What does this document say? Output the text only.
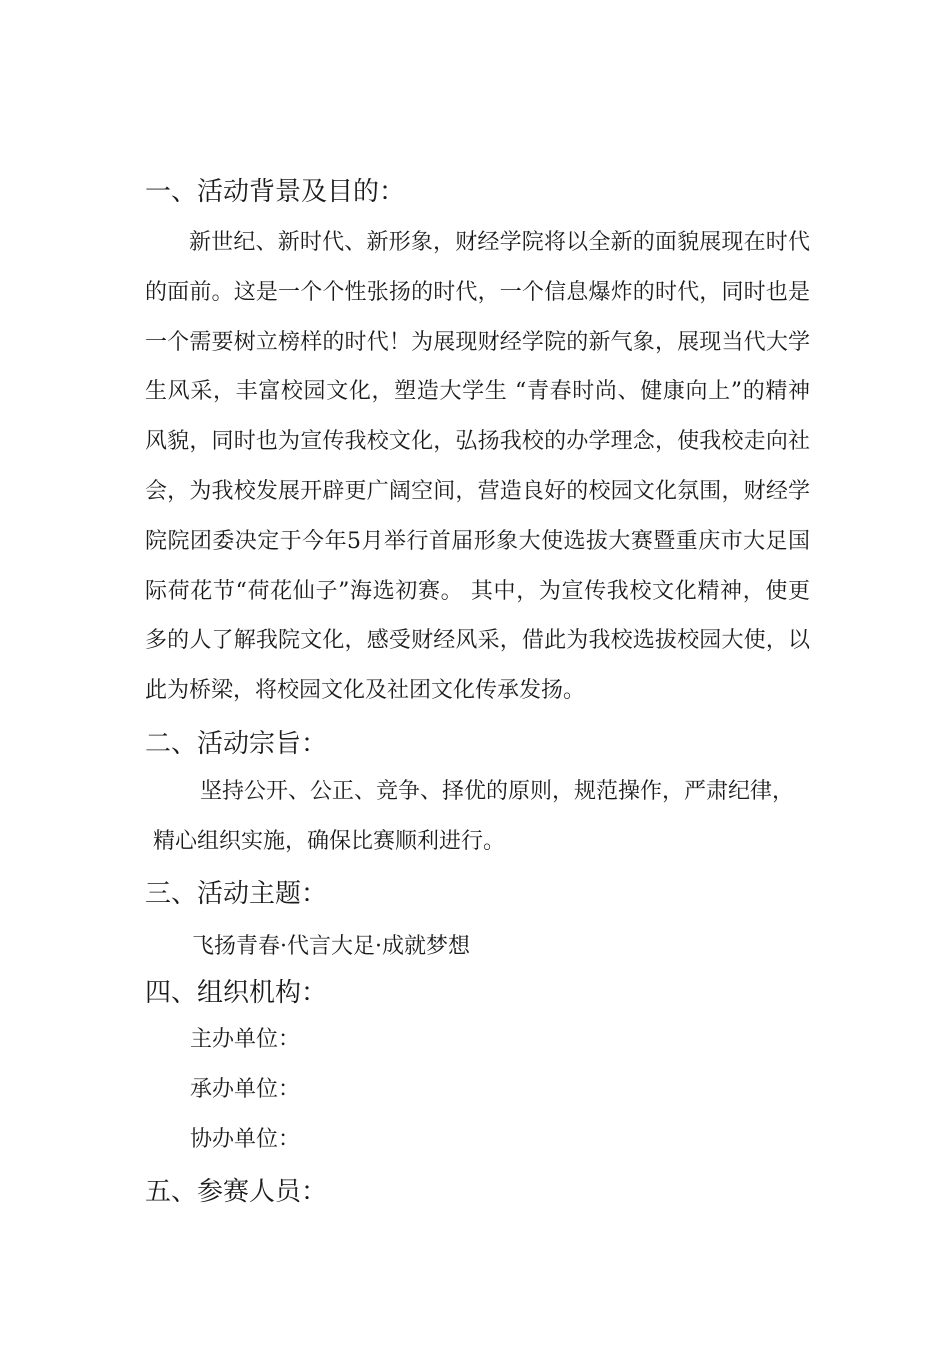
一、活动背景及目的：

新世纪、新时代、新形象，财经学院将以全新的面貌展现在时代的面前。这是一个个性张扬的时代，一个信息爆炸的时代，同时也是一个需要树立榜样的时代！为展现财经学院的新气象，展现当代大学生风采，丰富校园文化，塑造大学生 “青春时尚、健康向上”的精神风貌，同时也为宣传我校文化，弘扬我校的办学理念，使我校走向社会，为我校发展开辟更广阔空间，营造良好的校园文化氛围，财经学院院团委决定于今年5月举行首届形象大使选拔大赛暨重庆市大足国际荷花节“荷花仙子”海选初赛。 其中，为宣传我校文化精神，使更多的人了解我院文化，感受财经风采，借此为我校选拔校园大使，以此为桥梁，将校园文化及社团文化传承发扬。

二、活动宗旨：
坚持公开、公正、竞争、择优的原则，规范操作，严肃纪律，
精心组织实施，确保比赛顺利进行。
三、活动主题：
飞扬青春·代言大足·成就梦想
四、组织机构：
主办单位：
承办单位：
协办单位：
五、参赛人员：
